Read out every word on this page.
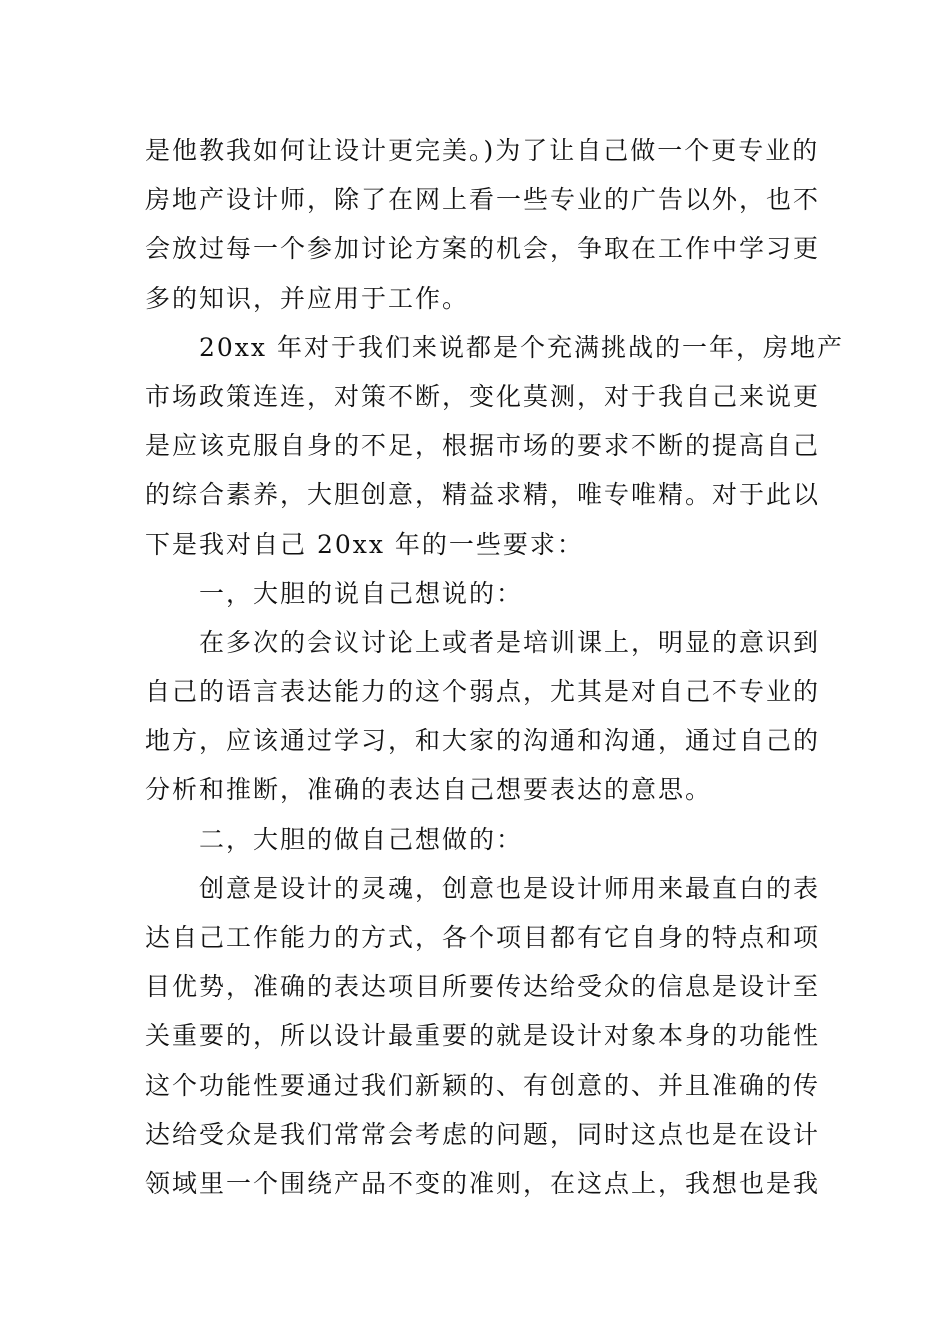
是他教我如何让设计更完美。)为了让自己做一个更专业的
房地产设计师，除了在网上看一些专业的广告以外，也不
会放过每一个参加讨论方案的机会，争取在工作中学习更
多的知识，并应用于工作。
20xx 年对于我们来说都是个充满挑战的一年，房地产
市场政策连连，对策不断，变化莫测，对于我自己来说更
是应该克服自身的不足，根据市场的要求不断的提高自己
的综合素养，大胆创意，精益求精，唯专唯精。对于此以
下是我对自己 20xx 年的一些要求：
一，大胆的说自己想说的：
在多次的会议讨论上或者是培训课上，明显的意识到
自己的语言表达能力的这个弱点，尤其是对自己不专业的
地方，应该通过学习，和大家的沟通和沟通，通过自己的
分析和推断，准确的表达自己想要表达的意思。
二，大胆的做自己想做的：
创意是设计的灵魂，创意也是设计师用来最直白的表
达自己工作能力的方式，各个项目都有它自身的特点和项
目优势，准确的表达项目所要传达给受众的信息是设计至
关重要的，所以设计最重要的就是设计对象本身的功能性
这个功能性要通过我们新颖的、有创意的、并且准确的传
达给受众是我们常常会考虑的问题，同时这点也是在设计
领域里一个围绕产品不变的准则，在这点上，我想也是我
